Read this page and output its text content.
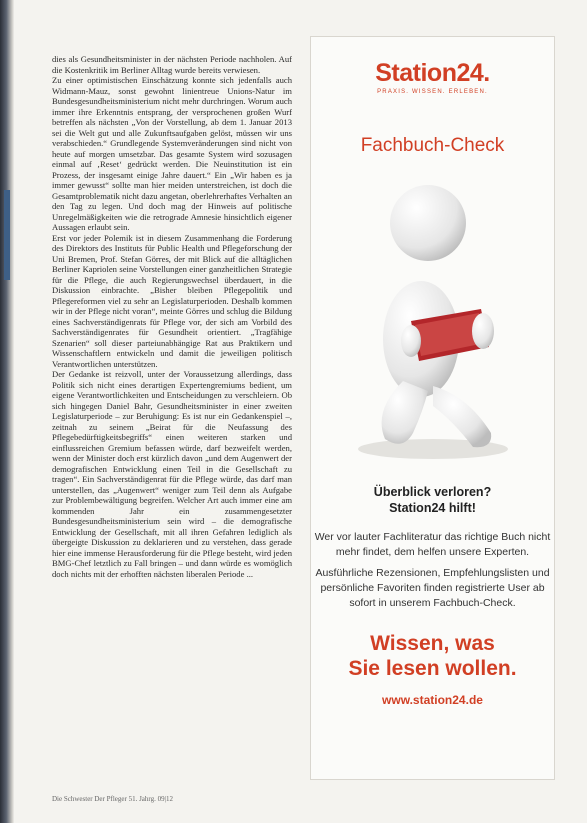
dies als Gesundheitsminister in der nächsten Periode nachholen. Auf die Kostenkritik im Berliner Alltag wurde bereits verwiesen.

Zu einer optimistischen Einschätzung konnte sich jedenfalls auch Widmann-Mauz, sonst gewohnt linientreue Unions-Natur im Bundesgesundheitsministerium nicht mehr durchringen. Worum auch immer ihre Erkenntnis entsprang, der versprochenen großen Wurf betreffen als nächsten „Von der Vorstellung, ab dem 1. Januar 2013 sei die Welt gut und alle Zukunftsaufgaben gelöst, müssen wir uns verabschieden.“ Grundlegende Systemveränderungen sind nicht von heute auf morgen umsetzbar. Das gesamte System wird sozusagen einmal auf ‚Reset‘ gedrückt werden. Die Neuinstitution ist ein Prozess, der insgesamt einige Jahre dauert.“ Ein „Wir haben es ja immer gewusst“ sollte man hier meiden unterstreichen, ist doch die Gesamtproblematik nicht dazu angetan, oberlehrerhaftes Verhalten an den Tag zu legen. Und doch mag der Hinweis auf politische Unregelmäßigkeiten wie die retrograde Amnesie hinsichtlich eigener Aussagen erlaubt sein.

Erst vor jeder Polemik ist in diesem Zusammenhang die Forderung des Direktors des Instituts für Public Health und Pflegeforschung der Uni Bremen, Prof. Stefan Görres, der mit Blick auf die alltäglichen Berliner Kapriolen seine Vorstellungen einer ganzheitlichen Strategie für die Pflege, die auch Regierungswechsel überdauert, in die Diskussion einbrachte. „Bisher bleiben Pflegepolitik und Pflegereformen viel zu sehr an Legislaturperioden. Deshalb kommen wir in der Pflege nicht voran“, meinte Görres und schlug die Bildung eines Sachverständigenrats für Pflege vor, der sich am Vorbild des Sachverständigenrates für Gesundheit orientiert. „Tragfähige Szenarien“ soll dieser parteiunabhängige Rat aus Praktikern und Wissenschaftlern entwickeln und damit die jeweiligen politisch Verantwortlichen unterstützen.

Der Gedanke ist reizvoll, unter der Voraussetzung allerdings, dass Politik sich nicht eines derartigen Expertengremiums bedient, um eigene Verantwortlichkeiten und Entscheidungen zu verschleiern. Ob sich hingegen Daniel Bahr, Gesundheitsminister in einer zweiten Legislaturperiode – zur Beruhigung: Es ist nur ein Gedankenspiel –, zeitnah zu seinem „Beirat für die Neufassung des Pflegebedürftigkeitsbegriffs“ einen weiteren starken und einflussreichen Gremium befassen würde, darf bezweifelt werden, wenn der Minister doch erst kürzlich davon „und dem Augenwert der demografischen Entwicklung einen Teil in die Gesellschaft zu tragen“. Ein Sachverständigenrat für die Pflege würde, das darf man unterstellen, das „Augenwert“ weniger zum Teil denn als Aufgabe zur Problembewältigung begreifen. Welcher Art auch immer eine am kommenden Jahr ein zusammengesetzter Bundesgesundheitsministerium sein wird – die demografische Entwicklung der Gesellschaft, mit all ihren Gefahren lediglich als übergeigte Diskussion zu deklarieren und zu verstehen, dass gerade hier eine immense Herausforderung für die Pflege besteht, wird jeden BMG-Chef letztlich zu Fall bringen – und dann würde es womöglich doch nichts mit der erhofften nächsten liberalen Periode ...

Die Schwester Der Pfleger 51. Jahrg. 09|12
Station24.
PRAXIS. WISSEN. ERLEBEN.
Fachbuch-Check
Überblick verloren?
Station24 hilft!
Wer vor lauter Fachliteratur das richtige Buch nicht mehr findet, dem helfen unsere Experten.
Ausführliche Rezensionen, Empfehlungslisten und persönliche Favoriten finden registrierte User ab sofort in unserem Fachbuch-Check.
Wissen, was
Sie lesen wollen.
www.station24.de
